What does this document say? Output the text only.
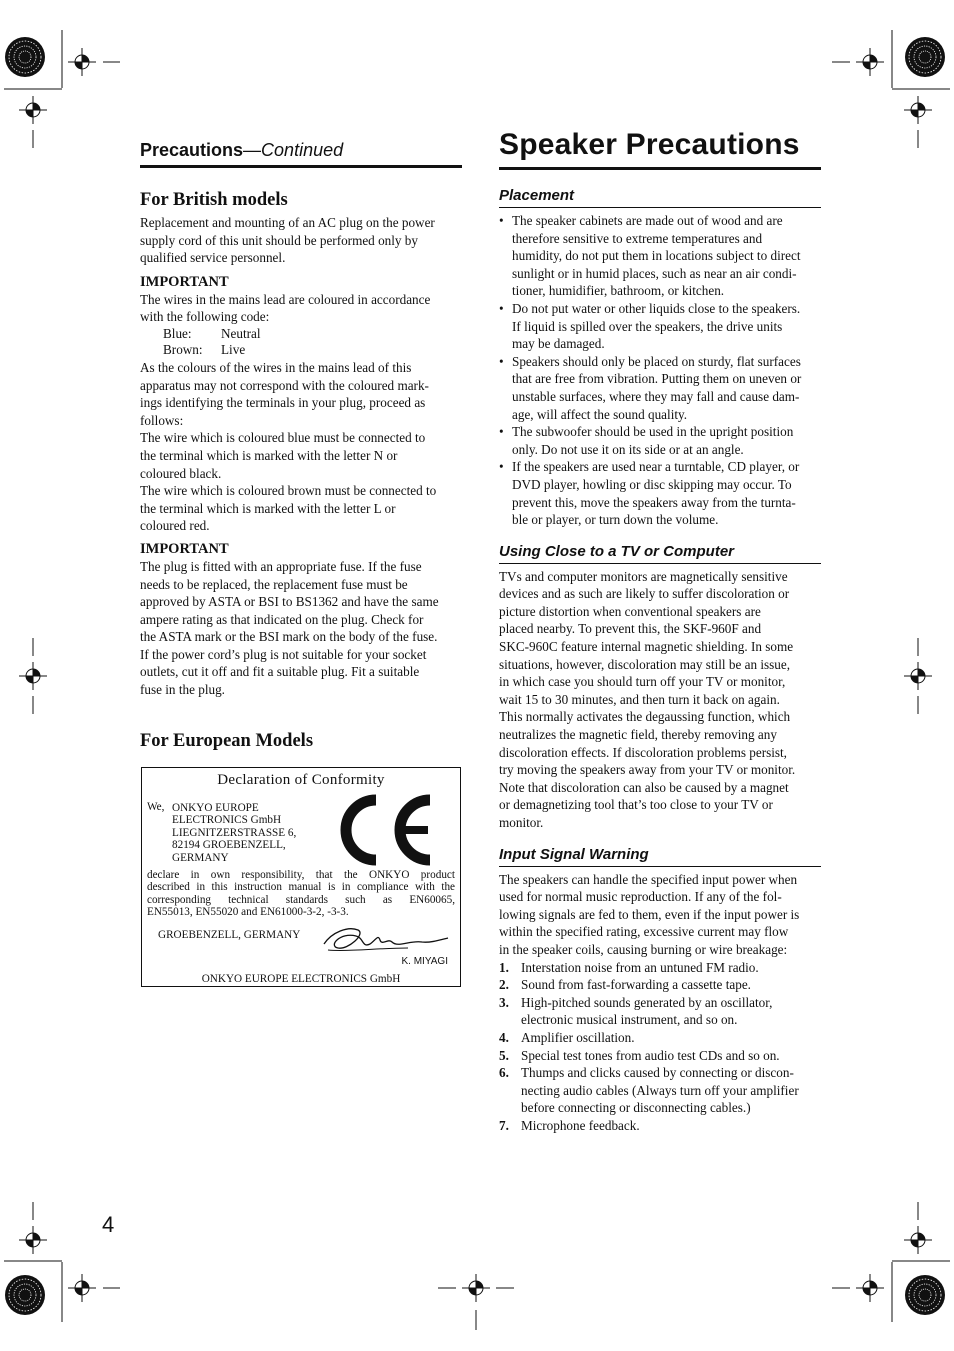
Precautions—Continued
For British models
Replacement and mounting of an AC plug on the power
supply cord of this unit should be performed only by
qualified service personnel.
IMPORTANT
The wires in the mains lead are coloured in accordance
with the following code:
Blue: Neutral
Brown: Live
As the colours of the wires in the mains lead of this
apparatus may not correspond with the coloured mark-
ings identifying the terminals in your plug, proceed as
follows:
The wire which is coloured blue must be connected to
the terminal which is marked with the letter N or
coloured black.
The wire which is coloured brown must be connected to
the terminal which is marked with the letter L or
coloured red.
IMPORTANT
The plug is fitted with an appropriate fuse. If the fuse
needs to be replaced, the replacement fuse must be
approved by ASTA or BSI to BS1362 and have the same
ampere rating as that indicated on the plug. Check for
the ASTA mark or the BSI mark on the body of the fuse.
If the power cord’s plug is not suitable for your socket
outlets, cut it off and fit a suitable plug. Fit a suitable
fuse in the plug.
For European Models
Declaration of Conformity
We, ONKYO EUROPE
ELECTRONICS GmbH
LIEGNITZERSTRASSE 6,
82194 GROEBENZELL,
GERMANY
declare in own responsibility, that the ONKYO product
described in this instruction manual is in compliance with the
corresponding technical standards such as EN60065,
EN55013, EN55020 and EN61000-3-2, -3-3.
GROEBENZELL, GERMANY
K. MIYAGI
ONKYO EUROPE ELECTRONICS GmbH
Speaker Precautions
Placement
• The speaker cabinets are made out of wood and are
therefore sensitive to extreme temperatures and
humidity, do not put them in locations subject to direct
sunlight or in humid places, such as near an air condi-
tioner, humidifier, bathroom, or kitchen.
• Do not put water or other liquids close to the speakers.
If liquid is spilled over the speakers, the drive units
may be damaged.
• Speakers should only be placed on sturdy, flat surfaces
that are free from vibration. Putting them on uneven or
unstable surfaces, where they may fall and cause dam-
age, will affect the sound quality.
• The subwoofer should be used in the upright position
only. Do not use it on its side or at an angle.
• If the speakers are used near a turntable, CD player, or
DVD player, howling or disc skipping may occur. To
prevent this, move the speakers away from the turnta-
ble or player, or turn down the volume.
Using Close to a TV or Computer
TVs and computer monitors are magnetically sensitive
devices and as such are likely to suffer discoloration or
picture distortion when conventional speakers are
placed nearby. To prevent this, the SKF-960F and
SKC-960C feature internal magnetic shielding. In some
situations, however, discoloration may still be an issue,
in which case you should turn off your TV or monitor,
wait 15 to 30 minutes, and then turn it back on again.
This normally activates the degaussing function, which
neutralizes the magnetic field, thereby removing any
discoloration effects. If discoloration problems persist,
try moving the speakers away from your TV or monitor.
Note that discoloration can also be caused by a magnet
or demagnetizing tool that’s too close to your TV or
monitor.
Input Signal Warning
The speakers can handle the specified input power when
used for normal music reproduction. If any of the fol-
lowing signals are fed to them, even if the input power is
within the specified rating, excessive current may flow
in the speaker coils, causing burning or wire breakage:
1. Interstation noise from an untuned FM radio.
2. Sound from fast-forwarding a cassette tape.
3. High-pitched sounds generated by an oscillator,
electronic musical instrument, and so on.
4. Amplifier oscillation.
5. Special test tones from audio test CDs and so on.
6. Thumps and clicks caused by connecting or discon-
necting audio cables (Always turn off your amplifier
before connecting or disconnecting cables.)
7. Microphone feedback.
4
